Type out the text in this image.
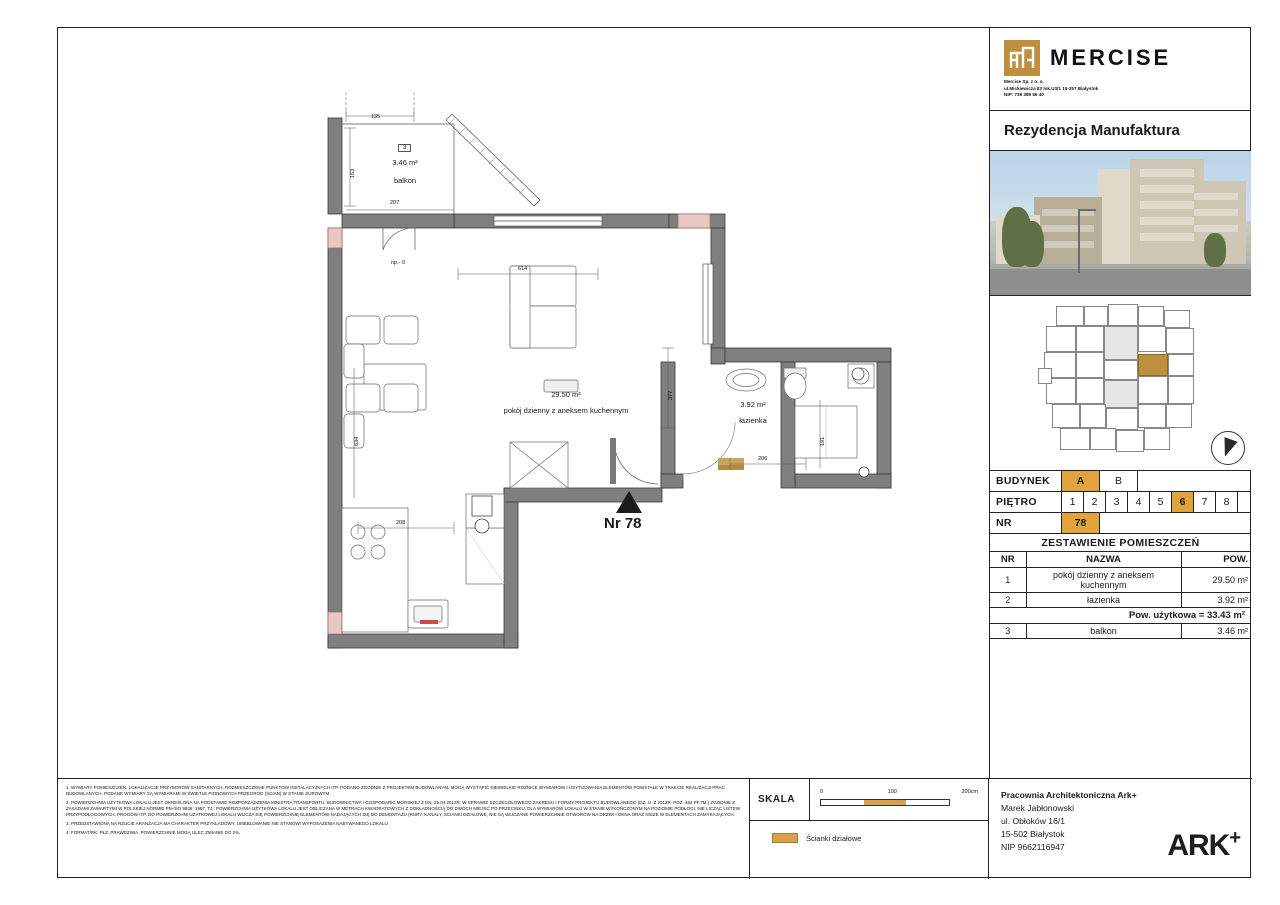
135
163
207
614
634
377
208
206
191
np.- 0
3
3.46 m²
balkon
29.50 m²
pokój dzienny z aneksem kuchennym
3.92 m²
łazienka
Nr 78
MERCISE
Mercise Sp. z o. o.
ul.Mickiewicza 83 lok.U3/1 15-257 Białystok
NIP: 739 389 56 40
Rezydencja Manufaktura
BUDYNEK	A	B
PIĘTRO	1	2	3	4	5	6	7	8
NR	78
ZESTAWIENIE POMIESZCZEŃ
NR	NAZWA	POW.
1	pokój dzienny z aneksem kuchennym	29.50 m²
2	łazienka	3.92 m²
Pow. użytkowa = 33.43 m²		
3	balkon	3.46 m²

1. WYMIARY POMIESZCZEŃ, LOKALIZACJE PRZYBORÓW SANITARNYCH, ROZMIESZCZENIE PUNKTÓW INSTALACYJNYCH ITP. PODANO ZGODNIE Z PROJEKTEM BUDOWLANYM, MOGĄ WYSTĄPIĆ NIEWIELKIE RÓŻNICE WYMIARÓW I USYTUOWANIA ELEMENTÓW POWSTAŁE W TRAKCIE REALIZACJI PRAC BUDOWLANYCH. PODANE WYMIARY SĄ WYMIARAMI W ŚWIETLE PIONOWYCH PRZEGRÓD (ŚCIAN) W STANIE SUROWYM.

2. POWIERZCHNIA UŻYTKOWA LOKALU JEST OKREŚLONA NA PODSTAWIE ROZPORZĄDZENIA MINISTRA TRANSPORTU, BUDOWNICTWA I GOSPODARKI MORSKIEJ Z DN. 25.04.2012R. W SPRAWIE SZCZEGÓŁOWEGO ZAKRESU I FORMY PROJEKTU BUDOWLANEGO (DZ. U. Z 2012R. POZ. 462 PF.7M.) ZGODNIE Z ZASADAMI ZAWARTYMI W POLSKIEJ NORMIE PN-ISO 9836: 1997, TJ.: POWIERZCHNIA UŻYTKOWA LOKALU JEST OBLICZANA W METRACH KWADRATOWYCH Z DOKŁADNOŚCIĄ DO DWÓCH MIEJSC PO PRZECINKU, DLA WYMIARÓW LOKALU W STANIE WYKOŃCZONYM NA POZIOMIE PODŁOGI, NIE LICZĄC LISTEW PRZYPODŁOGOWYCH, PROGÓW ITP. DO POWIERZCHNI UŻYTKOWEJ LOKALU WLICZA SIĘ POWIERZCHNIĘ ELEMENTÓW NADAJĄCYCH SIĘ DO DEMONTAŻU (RURY, KANAŁY, ŚCIANKI DZIAŁOWE, NIE SĄ WLICZANE POWIERZCHNIE OTWORÓW NA DRZWI I OKNA ORAZ NISZE W ELEMENTACH ZAMYKAJĄCYCH.

3. PRZEDSTAWIONA NA RZUCIE ARANŻACJA MA CHARAKTER PRZYKŁADOWY, UMEBLOWANIE NIE STANOWI WYPOSAŻENIA NABYWANEGO LOKALU.

4. FORMAT/RK: PŁZ. PRAWDZIWA. POWIERZCHNIE MOGĄ ULEC ZMIANIE DO 2%.

SKALA
0	100	200cm
Ścianki działowe
Pracownia Architektoniczna Ark+
Marek Jabłonowski
ul. Obłoków 16/1
15-502 Białystok
NIP 9662116947	ARK+
